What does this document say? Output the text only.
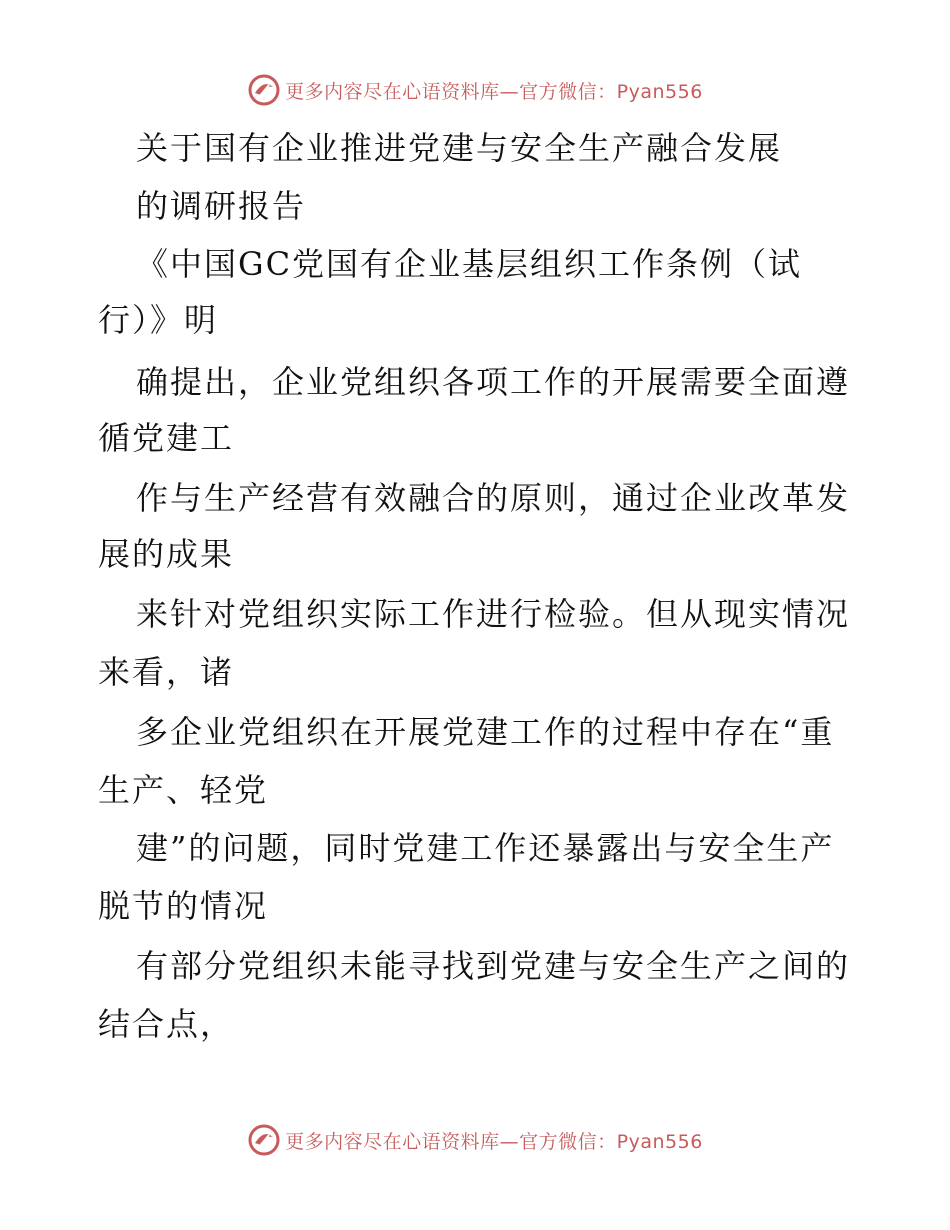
更多内容尽在心语资料库—官方微信：Pyan556
关于国有企业推进党建与安全生产融合发展
的调研报告
《中国GC党国有企业基层组织工作条例（试
行）》明
确提出，企业党组织各项工作的开展需要全面遵
循党建工
作与生产经营有效融合的原则，通过企业改革发
展的成果
来针对党组织实际工作进行检验。但从现实情况
来看，诸
多企业党组织在开展党建工作的过程中存在“重
生产、轻党
建”的问题，同时党建工作还暴露出与安全生产
脱节的情况
有部分党组织未能寻找到党建与安全生产之间的
结合点，
更多内容尽在心语资料库—官方微信：Pyan556
